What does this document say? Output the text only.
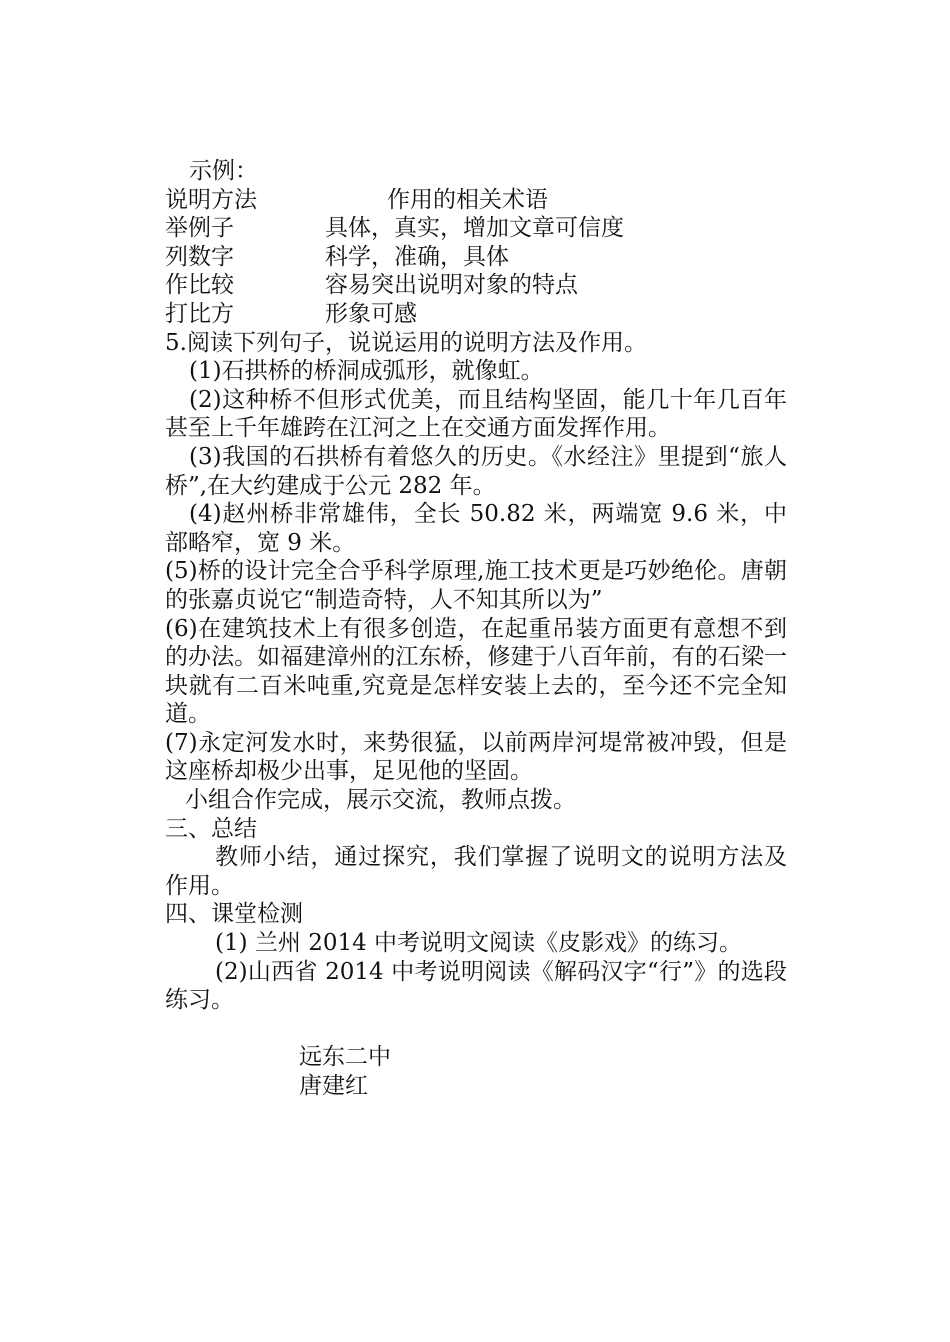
示例：
说明方法	作用的相关术语
举例子	具体，真实，增加文章可信度
列数字	科学，准确，具体
作比较	容易突出说明对象的特点
打比方	形象可感
5.阅读下列句子，说说运用的说明方法及作用。
(1)石拱桥的桥洞成弧形，就像虹。
(2)这种桥不但形式优美，而且结构坚固，能几十年几百年甚至上千年雄跨在江河之上在交通方面发挥作用。
(3)我国的石拱桥有着悠久的历史。《水经注》里提到“旅人桥”,在大约建成于公元 282 年。
(4)赵州桥非常雄伟，全长 50.82 米，两端宽 9.6 米，中部略窄，宽 9 米。
(5)桥的设计完全合乎科学原理,施工技术更是巧妙绝伦。唐朝的张嘉贞说它“制造奇特，人不知其所以为”
(6)在建筑技术上有很多创造，在起重吊装方面更有意想不到的办法。如福建漳州的江东桥，修建于八百年前，有的石梁一块就有二百米吨重,究竟是怎样安装上去的，至今还不完全知道。
(7)永定河发水时，来势很猛，以前两岸河堤常被冲毁，但是这座桥却极少出事，足见他的坚固。
小组合作完成，展示交流，教师点拨。
三、总结
教师小结，通过探究，我们掌握了说明文的说明方法及作用。
四、课堂检测
(1) 兰州 2014 中考说明文阅读《皮影戏》的练习。
(2)山西省 2014 中考说明阅读《解码汉字“行”》的选段练习。
远东二中
唐建红
